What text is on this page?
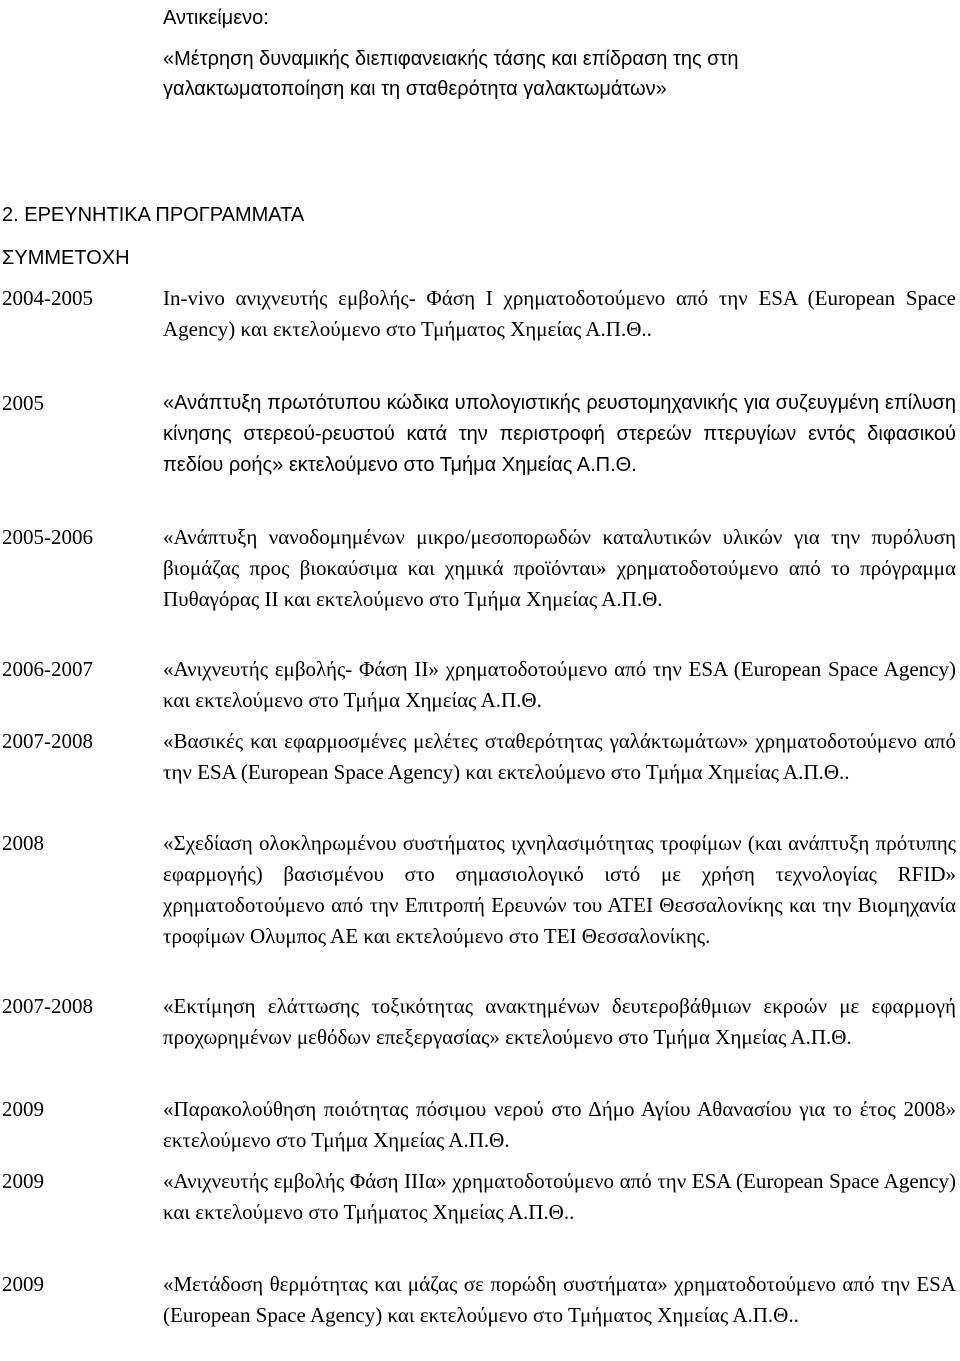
Αντικείμενο:
«Μέτρηση δυναμικής διεπιφανειακής τάσης και επίδραση της στη γαλακτωματοποίηση και τη σταθερότητα γαλακτωμάτων»
2. ΕΡΕΥΝΗΤΙΚΑ ΠΡΟΓΡΑΜΜΑΤΑ
ΣΥΜΜΕΤΟΧΗ
2004-2005	In-vivo ανιχνευτής εμβολής- Φάση Ι χρηματοδοτούμενο από την ESA (European Space Agency) και εκτελούμενο στο Τμήματος Χημείας Α.Π.Θ..
2005	«Ανάπτυξη πρωτότυπου κώδικα υπολογιστικής ρευστομηχανικής για συζευγμένη επίλυση κίνησης στερεού-ρευστού κατά την περιστροφή στερεών πτερυγίων εντός διφασικού πεδίου ροής» εκτελούμενο στο Τμήμα Χημείας Α.Π.Θ.
2005-2006	«Ανάπτυξη νανοδομημένων μικρο/μεσοπορωδών καταλυτικών υλικών για την πυρόλυση βιομάζας προς βιοκαύσιμα και χημικά προϊόνται» χρηματοδοτούμενο από το πρόγραμμα Πυθαγόρας ΙΙ και εκτελούμενο στο Τμήμα Χημείας Α.Π.Θ.
2006-2007	«Ανιχνευτής εμβολής- Φάση ΙΙ» χρηματοδοτούμενο από την ESA (European Space Agency) και εκτελούμενο στο Τμήμα Χημείας Α.Π.Θ.
2007-2008	«Βασικές και εφαρμοσμένες μελέτες σταθερότητας γαλάκτωμάτων» χρηματοδοτούμενο από την ESA (European Space Agency) και εκτελούμενο στο Τμήμα Χημείας Α.Π.Θ..
2008	«Σχεδίαση ολοκληρωμένου συστήματος ιχνηλασιμότητας τροφίμων (και ανάπτυξη πρότυπης εφαρμογής) βασισμένου στο σημασιολογικό ιστό με χρήση τεχνολογίας RFID» χρηματοδοτούμενο από την Επιτροπή Ερευνών του ΑΤΕΙ Θεσσαλονίκης και την Βιομηχανία τροφίμων Ολυμπος ΑΕ και εκτελούμενο στο ΤΕΙ Θεσσαλονίκης.
2007-2008	«Εκτίμηση ελάττωσης τοξικότητας ανακτημένων δευτεροβάθμιων εκροών με εφαρμογή προχωρημένων μεθόδων επεξεργασίας» εκτελούμενο στο Τμήμα Χημείας Α.Π.Θ.
2009	«Παρακολούθηση ποιότητας πόσιμου νερού στο Δήμο Αγίου Αθανασίου για το έτος 2008» εκτελούμενο στο Τμήμα Χημείας Α.Π.Θ.
2009	«Ανιχνευτής εμβολής Φάση ΙΙΙα» χρηματοδοτούμενο από την ESA (European Space Agency) και εκτελούμενο στο Τμήματος Χημείας Α.Π.Θ..
2009	«Μετάδοση θερμότητας και μάζας σε πορώδη συστήματα» χρηματοδοτούμενο από την ESA (European Space Agency) και εκτελούμενο στο Τμήματος Χημείας Α.Π.Θ..
